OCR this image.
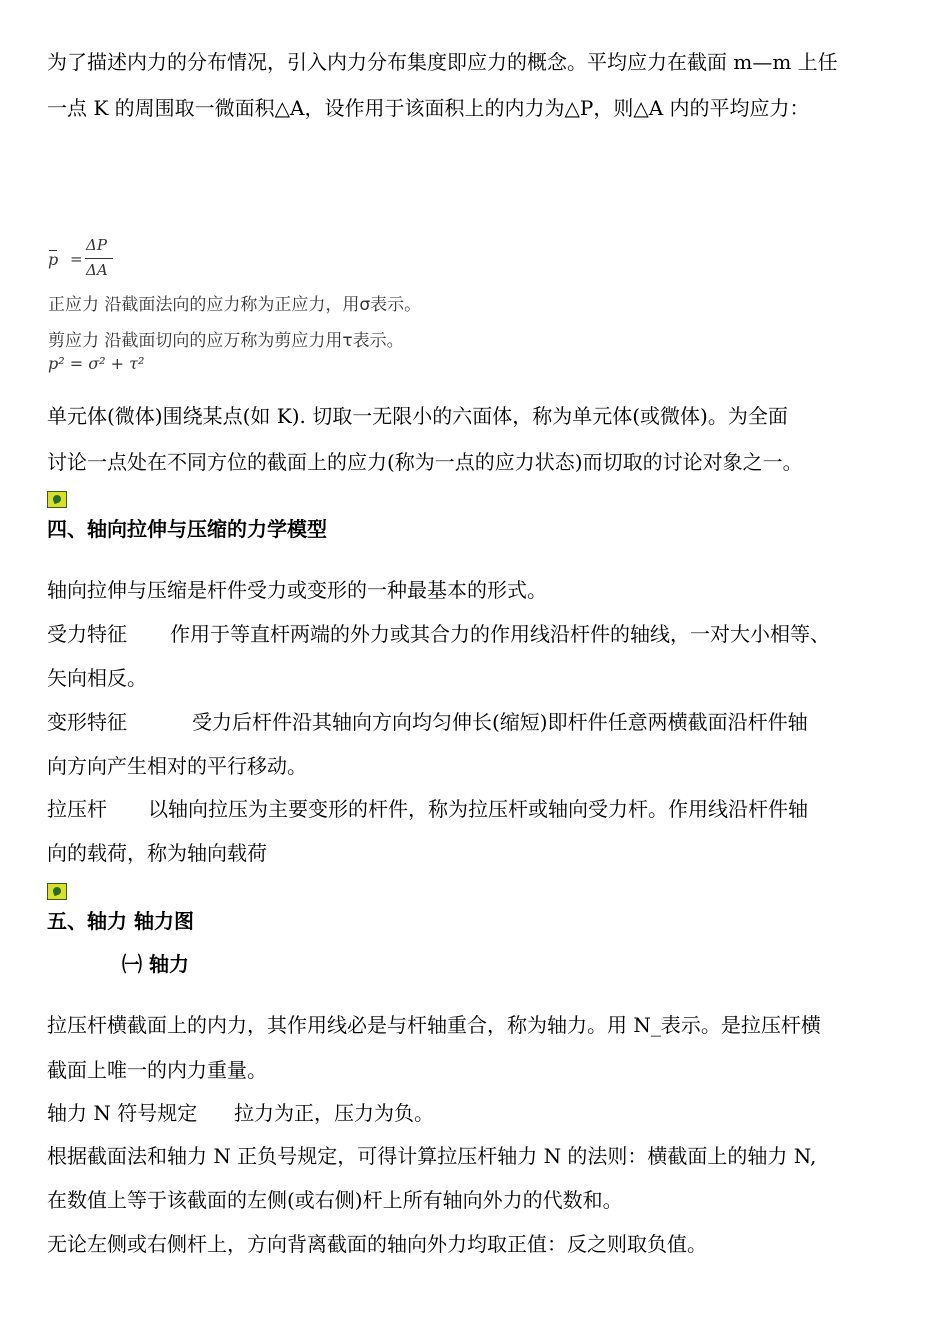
为了描述内力的分布情况，引入内力分布集度即应力的概念。平均应力在截面 m—m 上任
一点 K 的周围取一微面积△A，设作用于该面积上的内力为△P，则△A 内的平均应力：
p =
ΔP
ΔA
正应力 沿截面法向的应力称为正应力，用σ表示。
剪应力 沿截面切向的应万称为剪应力用τ表示。
p² = σ² + τ²
单元体(微体)围绕某点(如 K). 切取一无限小的六面体，称为单元体(或微体)。为全面
讨论一点处在不同方位的截面上的应力(称为一点的应力状态)而切取的讨论对象之一。
四、轴向拉伸与压缩的力学模型
轴向拉伸与压缩是杆件受力或变形的一种最基本的形式。
受力特征 作用于等直杆两端的外力或其合力的作用线沿杆件的轴线，一对大小相等、
矢向相反。
变形特征	受力后杆件沿其轴向方向均匀伸长(缩短)即杆件任意两横截面沿杆件轴
向方向产生相对的平行移动。
拉压杆 以轴向拉压为主要变形的杆件，称为拉压杆或轴向受力杆。作用线沿杆件轴
向的载荷，称为轴向载荷
五、轴力 轴力图
㈠ 轴力
拉压杆横截面上的内力，其作用线必是与杆轴重合，称为轴力。用 N_表示。是拉压杆横
截面上唯一的内力重量。
轴力 N 符号规定 拉力为正，压力为负。
根据截面法和轴力 N 正负号规定，可得计算拉压杆轴力 N 的法则：横截面上的轴力 N,
在数值上等于该截面的左侧(或右侧)杆上所有轴向外力的代数和。
无论左侧或右侧杆上，方向背离截面的轴向外力均取正值：反之则取负值。
